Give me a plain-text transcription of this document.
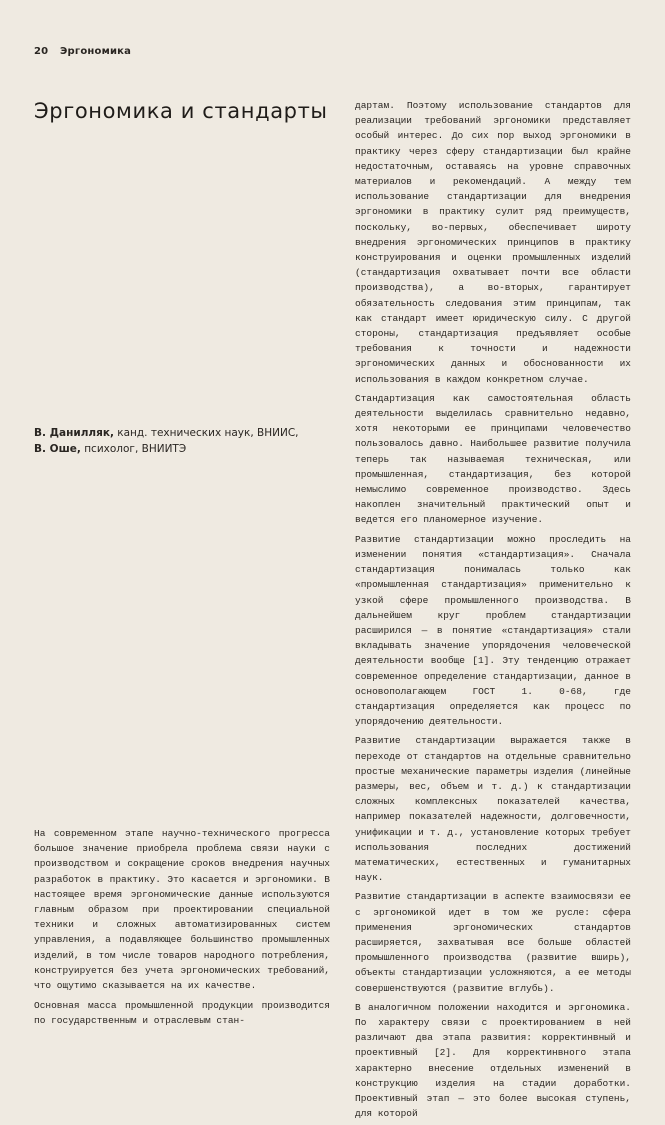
20 Эргономика
Эргономика и стандарты
В. Данилляк, канд. технических наук, ВНИИС,
В. Оше, психолог, ВНИИТЭ

На современном этапе научно-технического прогресса большое значение приобрела проблема связи науки с производством и сокращение сроков внедрения научных разработок в практику. Это касается и эргономики. В настоящее время эргономические данные используются главным образом при проектировании специальной техники и сложных автоматизированных систем управления, а подавляющее большинство промышленных изделий, в том числе товаров народного потребления, конструируется без учета эргономических требований, что ощутимо сказывается на их качестве.

Основная масса промышленной продукции производится по государственным и отраслевым стан-

дартам. Поэтому использование стандартов для реализации требований эргономики представляет особый интерес. До сих пор выход эргономики в практику через сферу стандартизации был крайне недостаточным, оставаясь на уровне справочных материалов и рекомендаций. А между тем использование стандартизации для внедрения эргономики в практику сулит ряд преимуществ, поскольку, во-первых, обеспечивает широту внедрения эргономических принципов в практику конструирования и оценки промышленных изделий (стандартизация охватывает почти все области производства), а во-вторых, гарантирует обязательность следования этим принципам, так как стандарт имеет юридическую силу. С другой стороны, стандартизация предъявляет особые требования к точности и надежности эргономических данных и обоснованности их использования в каждом конкретном случае.

Стандартизация как самостоятельная область деятельности выделилась сравнительно недавно, хотя некоторыми ее принципами человечество пользовалось давно. Наибольшее развитие получила теперь так называемая техническая, или промышленная, стандартизация, без которой немыслимо современное производство. Здесь накоплен значительный практический опыт и ведется его планомерное изучение.

Развитие стандартизации можно проследить на изменении понятия «стандартизация». Сначала стандартизация понималась только как «промышленная стандартизация» применительно к узкой сфере промышленного производства. В дальнейшем круг проблем стандартизации расширился — в понятие «стандартизация» стали вкладывать значение упорядочения человеческой деятельности вообще [1]. Эту тенденцию отражает современное определение стандартизации, данное в основополагающем ГОСТ 1. 0-68, где стандартизация определяется как процесс по упорядочению деятельности.

Развитие стандартизации выражается также в переходе от стандартов на отдельные сравнительно простые механические параметры изделия (линейные размеры, вес, объем и т. д.) к стандартизации сложных комплексных показателей качества, например показателей надежности, долговечности, унификации и т. д., установление которых требует использования последних достижений математических, естественных и гуманитарных наук.

Развитие стандартизации в аспекте взаимосвязи ее с эргономикой идет в том же русле: сфера применения эргономических стандартов расширяется, захватывая все больше областей промышленного производства (развитие вширь), объекты стандартизации усложняются, а ее методы совершенствуются (развитие вглубь).

В аналогичном положении находится и эргономика. По характеру связи с проектированием в ней различают два этапа развития: корректинвный и проективный [2]. Для корректинвного этапа характерно внесение отдельных изменений в конструкцию изделия на стадии доработки. Проективный этап — это более высокая ступень, для которой
